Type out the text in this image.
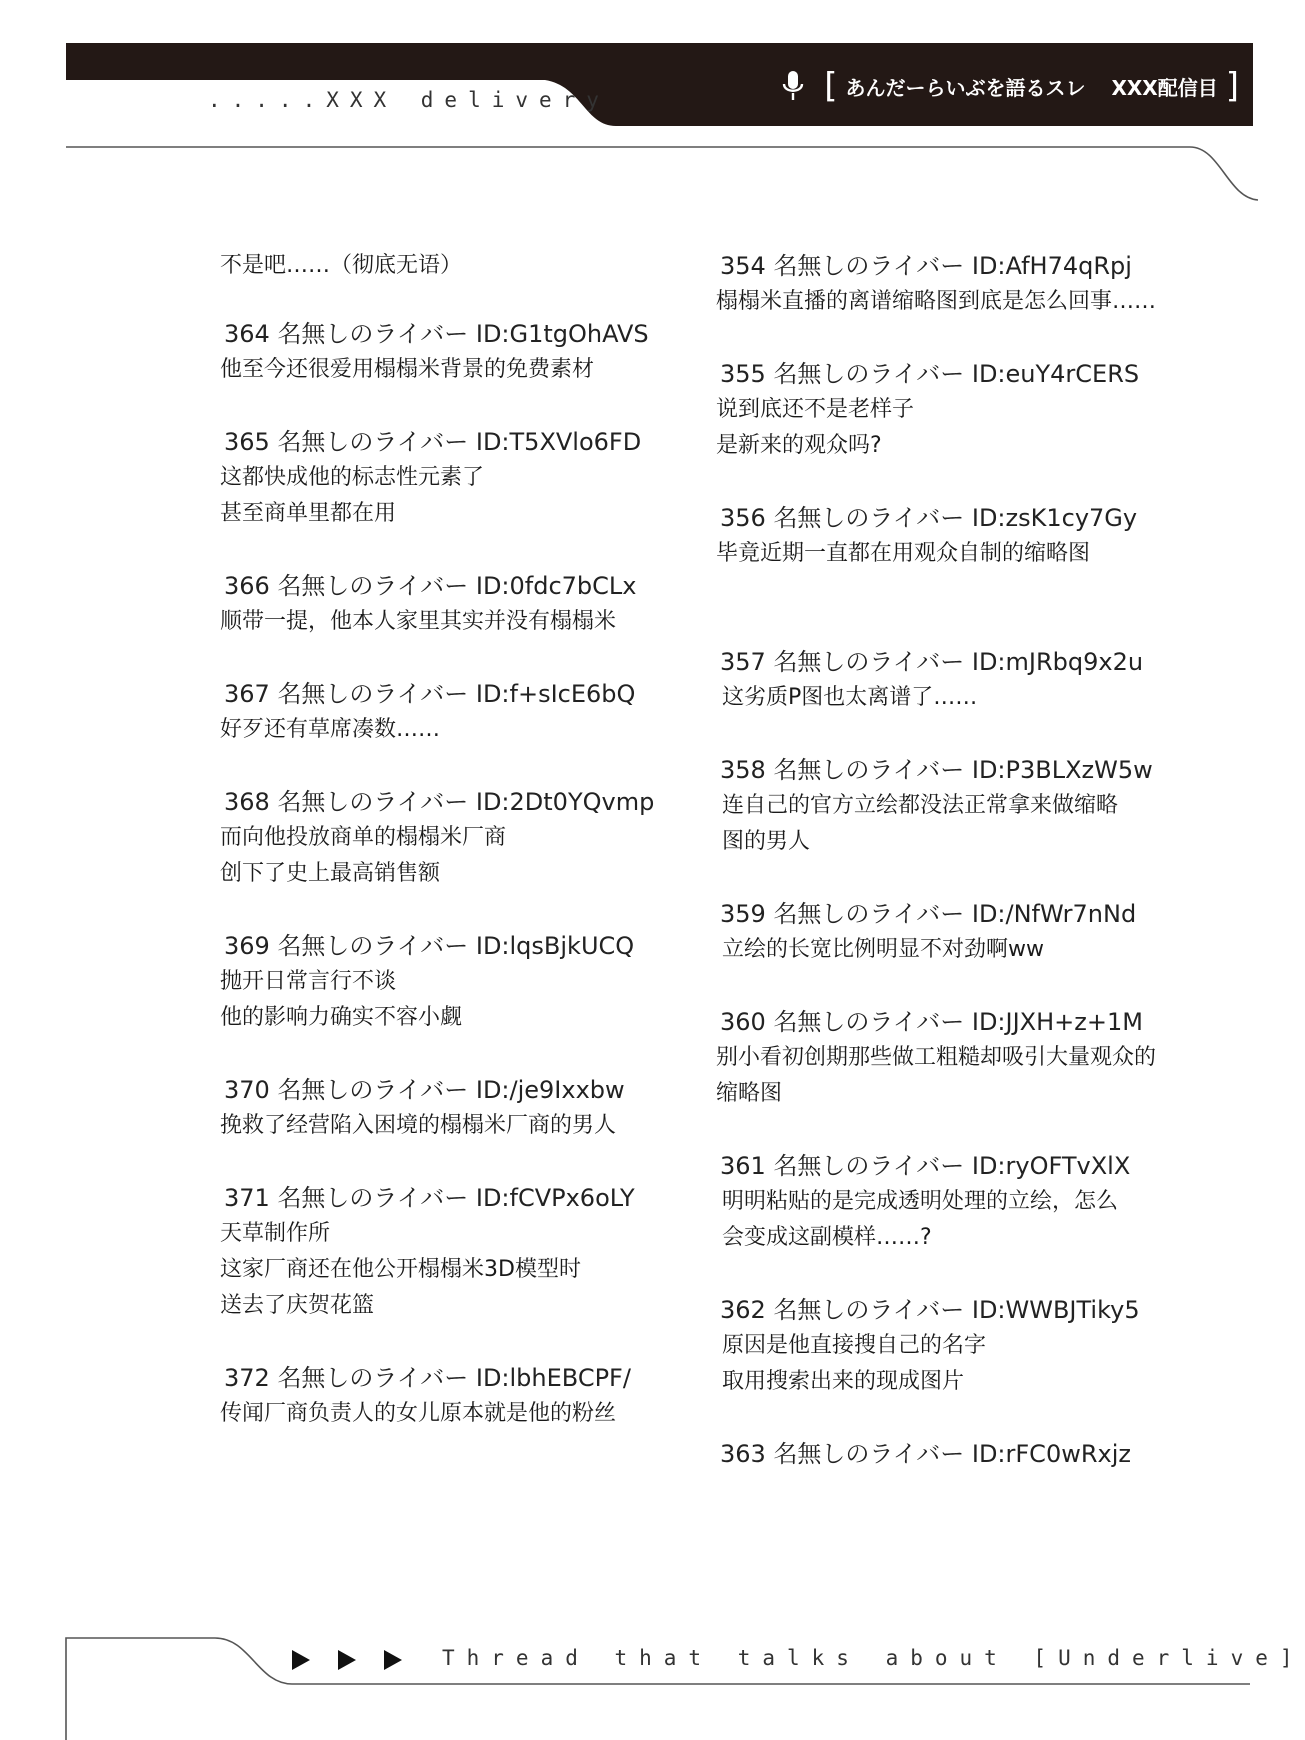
.....XXX delivery	[ あんだーらいぶを語るスレ XXX配信目 ]
不是吧……（彻底无语）
364 名無しのライバー ID:G1tgOhAVS
他至今还很爱用榻榻米背景的免费素材
365 名無しのライバー ID:T5XVlo6FD
这都快成他的标志性元素了
甚至商单里都在用
366 名無しのライバー ID:0fdc7bCLx
顺带一提，他本人家里其实并没有榻榻米
367 名無しのライバー ID:f+sIcE6bQ
好歹还有草席凑数……
368 名無しのライバー ID:2Dt0YQvmp
而向他投放商单的榻榻米厂商
创下了史上最高销售额
369 名無しのライバー ID:lqsBjkUCQ
抛开日常言行不谈
他的影响力确实不容小觑
370 名無しのライバー ID:/je9Ixxbw
挽救了经营陷入困境的榻榻米厂商的男人
371 名無しのライバー ID:fCVPx6oLY
天草制作所
这家厂商还在他公开榻榻米3D模型时
送去了庆贺花篮
372 名無しのライバー ID:lbhEBCPF/
传闻厂商负责人的女儿原本就是他的粉丝
354 名無しのライバー ID:AfH74qRpj
榻榻米直播的离谱缩略图到底是怎么回事……
355 名無しのライバー ID:euY4rCERS
说到底还不是老样子
是新来的观众吗?
356 名無しのライバー ID:zsK1cy7Gy
毕竟近期一直都在用观众自制的缩略图

357 名無しのライバー ID:mJRbq9x2u
这劣质P图也太离谱了……
358 名無しのライバー ID:P3BLXzW5w
连自己的官方立绘都没法正常拿来做缩略
图的男人
359 名無しのライバー ID:/NfWr7nNd
立绘的长宽比例明显不对劲啊ww
360 名無しのライバー ID:JJXH+z+1M
别小看初创期那些做工粗糙却吸引大量观众的
缩略图
361 名無しのライバー ID:ryOFTvXlX
明明粘贴的是完成透明处理的立绘，怎么
会变成这副模样……?
362 名無しのライバー ID:WWBJTiky5
原因是他直接搜自己的名字
取用搜索出来的现成图片
363 名無しのライバー ID:rFC0wRxjz
Thread that talks about [Underlive]
